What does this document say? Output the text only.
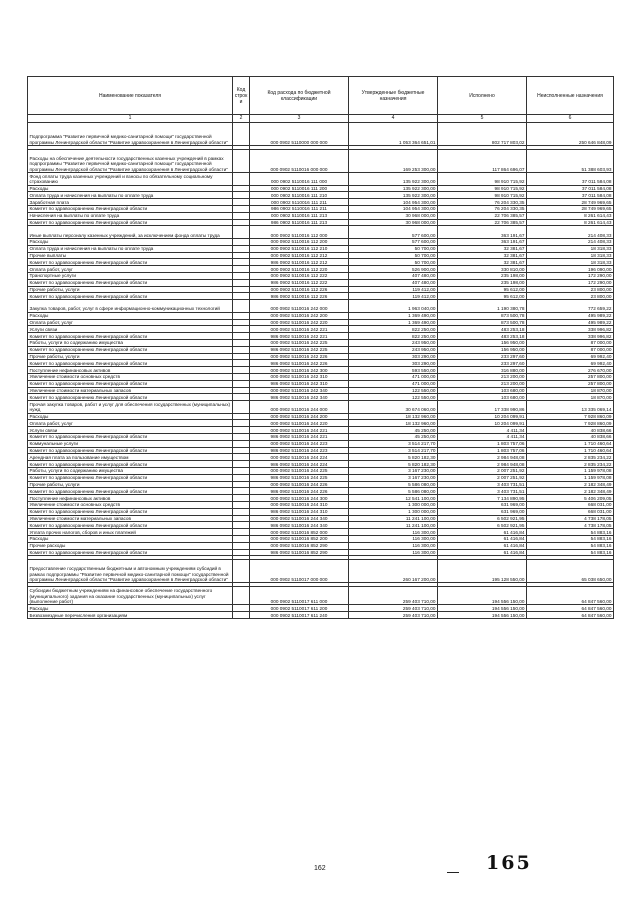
Наименование показателя	Код строк и	Код расхода по бюджетной классификации	Утвержденные бюджетные назначения	Исполнено	Неисполненные назначения
1	2	3	4	5	6
Подпрограмма "Развитие первичной медико-санитарной помощи" государственной программы Ленинградской области "Развитие здравоохранения в Ленинградской области"		000 0902 5110000 000 000	1 053 364 651,01	802 717 803,02	250 646 848,09

Расходы на обеспечение деятельности государственных казенных учреждений в рамках подпрограммы "Развитие первичной медико-санитарной помощи" государственной программы Ленинградской области "Развитие здравоохранения в Ленинградской области"		000 0902 5110016 000 000	169 253 300,00	117 864 696,07	51 388 603,93
Фонд оплаты труда казенных учреждений и взносы по обязательному социальному страхованию		000 0902 5110016 111 000	135 922 300,00	98 910 715,92	37 011 584,08
Расходы		000 0902 5110016 111 200	135 922 300,00	98 910 715,92	37 011 584,08
Оплата труда и начисления на выплаты по оплате труда		000 0902 5110016 111 210	135 922 300,00	98 910 715,92	37 011 584,08
Заработная плата		000 0902 5110016 111 211	104 954 300,00	76 204 330,35	28 749 969,65
Комитет по здравоохранению Ленинградской области		986 0902 5110016 111 211	104 954 300,00	76 204 330,35	28 749 969,65
Начисления на выплаты по оплате труда		000 0902 5110016 111 213	30 968 000,00	22 706 385,57	8 261 614,43
Комитет по здравоохранению Ленинградской области		986 0902 5110016 111 213	30 968 000,00	22 706 385,57	8 261 614,43
Иные выплаты персоналу казенных учреждений, за исключением фонда оплаты труда		000 0902 5110016 112 000	577 600,00	363 191,67	214 408,33
Расходы		000 0902 5110016 112 200	577 600,00	363 191,67	214 408,33
Оплата труда и начисления на выплаты по оплате труда		000 0902 5110016 112 210	50 700,00	32 381,67	18 318,33
Прочие выплаты		000 0902 5110016 112 212	50 700,00	32 381,67	18 318,33
Комитет по здравоохранению Ленинградской области		986 0902 5110016 112 212	50 700,00	32 381,67	18 318,33
Оплата работ, услуг		000 0902 5110016 112 220	526 900,00	330 810,00	196 090,00
Транспортные услуги		000 0902 5110016 112 222	407 480,00	235 198,00	172 290,00
Комитет по здравоохранению Ленинградской области		986 0902 5110016 112 222	407 480,00	235 198,00	172 290,00
Прочие работы, услуги		000 0902 5110016 112 226	119 412,00	95 612,00	23 800,00
Комитет по здравоохранению Ленинградской области		986 0902 5110016 112 226	119 412,00	95 612,00	23 800,00
Закупка товаров, работ, услуг в сфере информационно-коммуникационных технологий		000 0902 5110016 242 000	1 963 040,00	1 190 380,78	772 659,22
Расходы		000 0902 5110016 242 200	1 369 490,00	873 500,78	495 989,22
Оплата работ, услуг		000 0902 5110016 242 220	1 369 490,00	873 500,78	495 989,22
Услуги связи		000 0902 5110016 242 221	822 250,00	483 253,18	338 996,82
Комитет по здравоохранению Ленинградской области		986 0902 5110016 242 221	822 250,00	483 253,18	338 996,82
Работы, услуги по содержанию имущества		000 0902 5110016 242 225	243 950,00	156 950,00	87 000,00
Комитет по здравоохранению Ленинградской области		986 0902 5110016 242 225	243 950,00	156 950,00	87 000,00
Прочие работы, услуги		000 0902 5110016 242 226	303 290,00	233 297,60	69 992,40
Комитет по здравоохранению Ленинградской области		986 0902 5110016 242 226	303 290,00	233 297,60	69 992,40
Поступление нефинансовых активов		000 0902 5110016 242 300	593 550,00	316 880,00	276 670,00
Увеличение стоимости основных средств		000 0902 5110016 242 310	471 000,00	213 200,00	257 800,00
Комитет по здравоохранению Ленинградской области		986 0902 5110016 242 310	471 000,00	213 200,00	257 800,00
Увеличение стоимости материальных запасов		000 0902 5110016 242 340	122 550,00	103 680,00	18 870,00
Комитет по здравоохранению Ленинградской области		986 0902 5110016 242 340	122 550,00	103 680,00	18 870,00
Прочая закупка товаров, работ и услуг для обеспечения государственных (муниципальных) нужд		000 0902 5110016 244 000	30 674 060,00	17 338 990,86	13 335 069,14
Расходы		000 0902 5110016 244 200	18 132 960,00	10 204 099,91	7 928 860,09
Оплата работ, услуг		000 0902 5110016 244 220	18 132 960,00	10 204 099,91	7 928 860,09
Услуги связи		000 0902 5110016 244 221	45 250,00	4 411,34	40 838,66
Комитет по здравоохранению Ленинградской области		986 0902 5110016 244 221	45 250,00	4 411,34	40 838,66
Коммунальные услуги		000 0902 5110016 244 223	3 514 217,70	1 803 757,06	1 710 460,64
Комитет по здравоохранению Ленинградской области		986 0902 5110016 244 223	3 514 217,70	1 803 757,06	1 710 460,64
Арендная плата за пользование имуществом		000 0902 5110016 244 224	5 820 182,30	2 984 948,08	2 835 234,22
Комитет по здравоохранению Ленинградской области		986 0902 5110016 244 224	5 820 182,30	2 984 948,08	2 835 234,22
Работы, услуги по содержанию имущества		000 0902 5110016 244 225	3 167 230,00	2 007 251,92	1 159 978,08
Комитет по здравоохранению Ленинградской области		986 0902 5110016 244 225	3 167 230,00	2 007 251,92	1 159 978,08
Прочие работы, услуги		000 0902 5110016 244 226	5 586 080,00	3 403 731,51	2 182 348,49
Комитет по здравоохранению Ленинградской области		986 0902 5110016 244 226	5 586 080,00	3 403 731,51	2 182 348,49
Поступление нефинансовых активов		000 0902 5110016 244 300	12 541 100,00	7 134 890,95	5 406 209,05
Увеличение стоимости основных средств		000 0902 5110016 244 310	1 300 000,00	631 969,00	668 031,00
Комитет по здравоохранению Ленинградской области		986 0902 5110016 244 310	1 300 000,00	631 969,00	668 031,00
Увеличение стоимости материальных запасов		000 0902 5110016 244 340	11 241 100,00	6 502 921,95	4 738 178,05
Комитет по здравоохранению Ленинградской области		986 0902 5110016 244 340	11 241 100,00	6 502 921,95	4 738 178,05
Уплата прочих налогов, сборов и иных платежей		000 0902 5110016 852 000	116 300,00	61 416,84	54 883,16
Расходы		000 0902 5110016 852 200	116 300,00	61 416,84	54 883,16
Прочие расходы		000 0902 5110016 852 290	116 300,00	61 416,84	54 883,16
Комитет по здравоохранению Ленинградской области		986 0902 5110016 852 290	116 300,00	61 416,84	54 883,16

Предоставление государственным бюджетным и автономным учреждениям субсидий в рамках подпрограммы "Развитие первичной медико-санитарной помощи" государственной программы Ленинградской области "Развитие здравоохранения в Ленинградской области"		000 0902 5110017 000 000	260 167 200,00	195 128 550,00	65 038 650,00

Субсидии бюджетным учреждениям на финансовое обеспечение государственного (муниципального) задания на оказание государственных (муниципальных) услуг (выполнение работ)		000 0902 5110017 611 000	259 403 710,00	194 556 150,00	64 847 560,00
Расходы		000 0902 5110017 611 200	259 403 710,00	194 556 150,00	64 847 560,00
Безвозмездные перечисления организациям		000 0902 5110017 611 240	259 403 710,00	194 556 150,00	64 847 560,00
162	165
